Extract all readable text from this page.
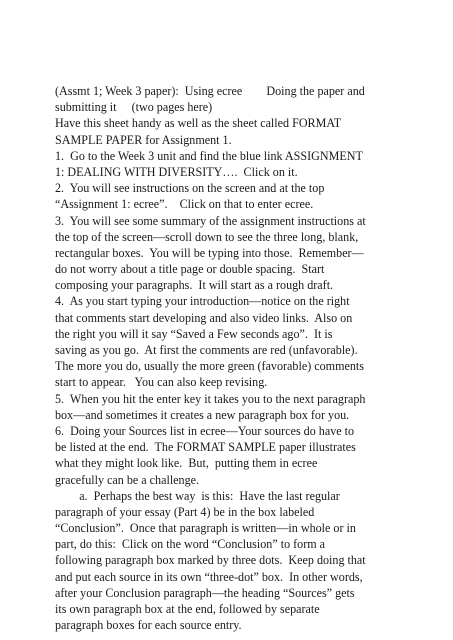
(Assmt 1; Week 3 paper):  Using ecree        Doing the paper and
submitting it     (two pages here)
Have this sheet handy as well as the sheet called FORMAT
SAMPLE PAPER for Assignment 1.
1.  Go to the Week 3 unit and find the blue link ASSIGNMENT
1: DEALING WITH DIVERSITY….  Click on it.
2.  You will see instructions on the screen and at the top
“Assignment 1: ecree”.    Click on that to enter ecree.
3.  You will see some summary of the assignment instructions at
the top of the screen—scroll down to see the three long, blank,
rectangular boxes.  You will be typing into those.  Remember—
do not worry about a title page or double spacing.  Start
composing your paragraphs.  It will start as a rough draft.
4.  As you start typing your introduction—notice on the right
that comments start developing and also video links.  Also on
the right you will it say “Saved a Few seconds ago”.  It is
saving as you go.  At first the comments are red (unfavorable).
The more you do, usually the more green (favorable) comments
start to appear.   You can also keep revising.
5.  When you hit the enter key it takes you to the next paragraph
box—and sometimes it creates a new paragraph box for you.
6.  Doing your Sources list in ecree—Your sources do have to
be listed at the end.  The FORMAT SAMPLE paper illustrates
what they might look like.  But,  putting them in ecree
gracefully can be a challenge.
a.  Perhaps the best way  is this:  Have the last regular
paragraph of your essay (Part 4) be in the box labeled
“Conclusion”.  Once that paragraph is written—in whole or in
part, do this:  Click on the word “Conclusion” to form a
following paragraph box marked by three dots.  Keep doing that
and put each source in its own “three-dot” box.  In other words,
after your Conclusion paragraph—the heading “Sources” gets
its own paragraph box at the end, followed by separate
paragraph boxes for each source entry.
